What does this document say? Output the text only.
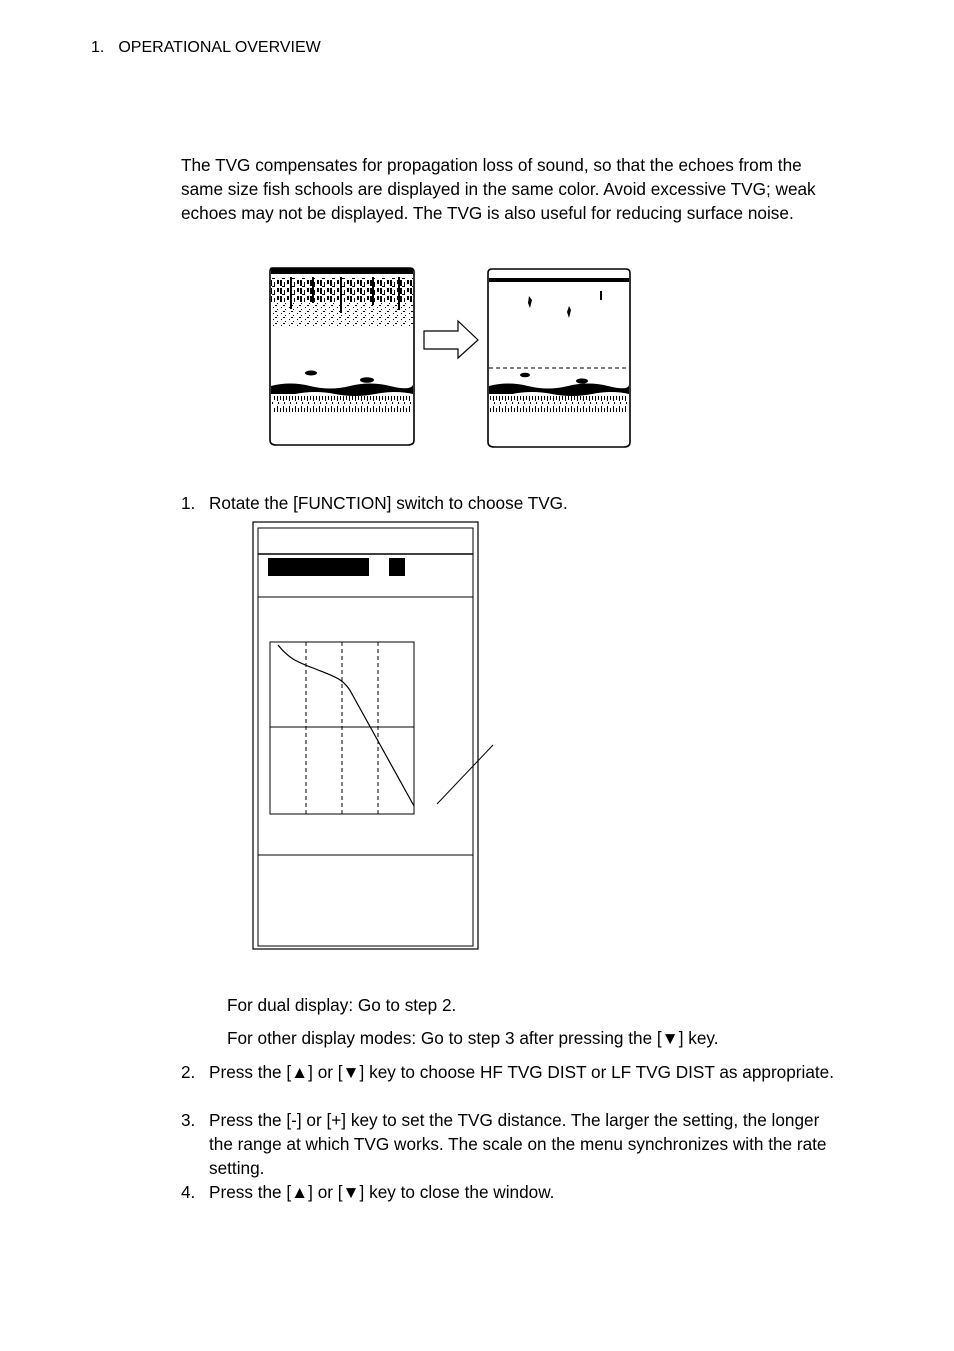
1. OPERATIONAL OVERVIEW
The TVG compensates for propagation loss of sound, so that the echoes from the same size fish schools are displayed in the same color. Avoid excessive TVG; weak echoes may not be displayed. The TVG is also useful for reducing surface noise.
1. Rotate the [FUNCTION] switch to choose TVG.
For dual display: Go to step 2.
For other display modes: Go to step 3 after pressing the [▼] key.
2. Press the [▲] or [▼] key to choose HF TVG DIST or LF TVG DIST as appropriate.
3. Press the [-] or [+] key to set the TVG distance. The larger the setting, the longer the range at which TVG works. The scale on the menu synchronizes with the rate setting.
4. Press the [▲] or [▼] key to close the window.
